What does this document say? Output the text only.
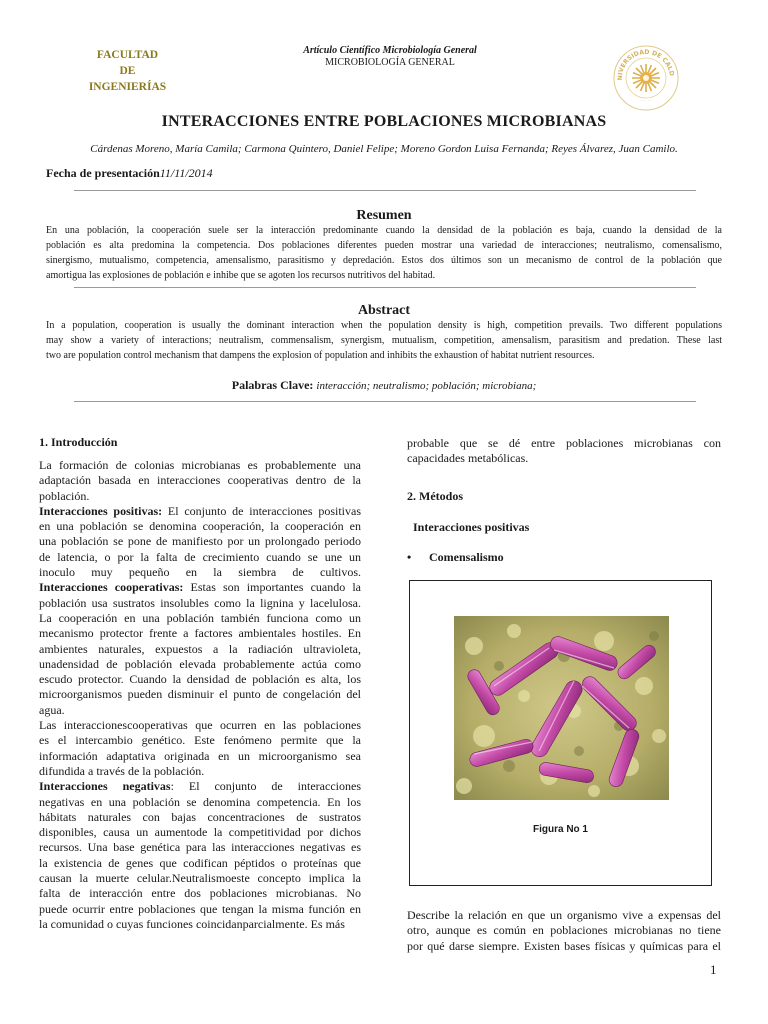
FACULTAD
DE
INGENIERÍAS
Artículo Científico Microbiología General
MICROBIOLOGÍA GENERAL
NIVERSIDAD DE CALD
· · · · ·
INTERACCIONES ENTRE POBLACIONES MICROBIANAS
Cárdenas Moreno, María Camila; Carmona Quintero, Daniel Felipe; Moreno Gordon Luisa Fernanda; Reyes Álvarez, Juan Camilo.
Fecha de presentación11/11/2014
Resumen
En una población, la cooperación suele ser la interacción predominante cuando la densidad de la población es baja, cuando la densidad de la
población es alta predomina la competencia. Dos poblaciones diferentes pueden mostrar una variedad de interacciones; neutralismo, comensalismo,
sinergismo, mutualismo, competencia, amensalismo, parasitismo y depredación. Estos dos últimos son un mecanismo de control de la población que
amortigua las explosiones de población e inhibe que se agoten los recursos nutritivos del habitad.
Abstract
In a population, cooperation is usually the dominant interaction when the population density is high, competition prevails. Two different populations
may show a variety of interactions; neutralism, commensalism, synergism, mutualism, competition, amensalism, parasitism and predation. These last
two are population control mechanism that dampens the explosion of population and inhibits the exhaustion of habitat nutrient resources.
Palabras Clave: interacción; neutralismo; población; microbiana;
1. Introducción
La formación de colonias microbianas es probablemente una
adaptación basada en interacciones cooperativas dentro de la
población.
Interacciones positivas: El conjunto de interacciones positivas
en una población se denomina cooperación, la cooperación en
una población se pone de manifiesto por un prolongado periodo
de latencia, o por la falta de crecimiento cuando se une un
inoculo muy pequeño en la siembra de cultivos.
Interacciones cooperativas: Estas son importantes cuando la
población usa sustratos insolubles como la lignina y lacelulosa.
La cooperación en una población también funciona como un
mecanismo protector frente a factores ambientales hostiles. En
ambientes naturales, expuestos a la radiación ultravioleta,
unadensidad de población elevada probablemente actúa como
escudo protector. Cuando la densidad de población es alta, los
microorganismos pueden disminuir el punto de congelación del
agua.
Las interaccionescooperativas que ocurren en las poblaciones
es el intercambio genético. Este fenómeno permite que la
información adaptativa originada en un microorganismo sea
difundida a través de la población.
Interacciones negativas: El conjunto de interacciones
negativas en una población se denomina competencia. En los
hábitats naturales con bajas concentraciones de sustratos
disponibles, causa un aumentode la competitividad por dichos
recursos. Una base genética para las interacciones negativas es
la existencia de genes que codifican péptidos o proteínas que
causan la muerte celular.Neutralismoeste concepto implica la
falta de interacción entre dos poblaciones microbianas. No
puede ocurrir entre poblaciones que tengan la misma función en
la comunidad o cuyas funciones coincidanparcialmente. Es más
probable que se dé entre poblaciones microbianas con
capacidades metabólicas.
2. Métodos
Interacciones positivas
• Comensalismo
Figura No 1
Describe la relación en que un organismo vive a expensas del
otro, aunque es común en poblaciones microbianas no tiene
por qué darse siempre. Existen bases físicas y químicas para el
1
